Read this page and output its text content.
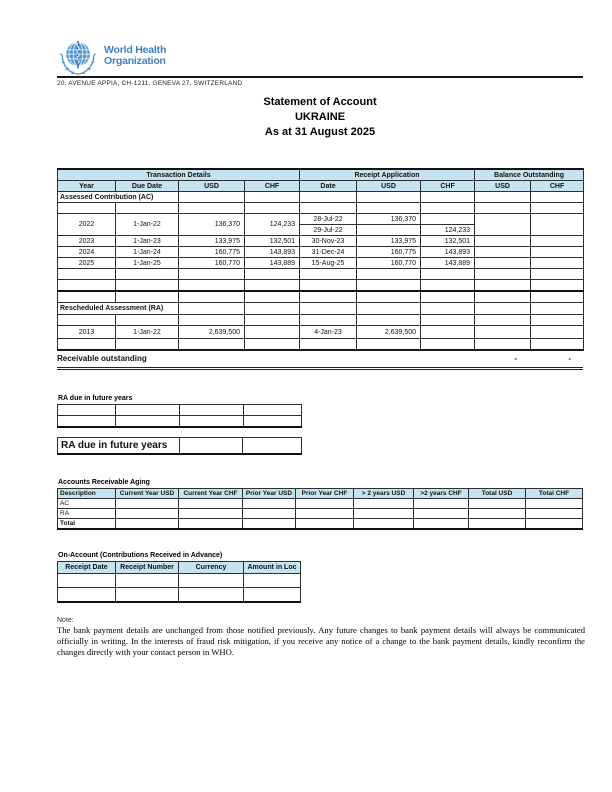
World Health
Organization
20, AVENUE APPIA, CH-1211, GENEVA 27, SWITZERLAND
Statement of Account
UKRAINE
As at 31 August 2025
Transaction Details				Receipt Application			Balance Outstanding	
Year	Due Date	USD	CHF	Date	USD	CHF	USD	CHF
Assessed Contribution (AC)								

2022	1-Jan-22	136,370	124,233	28-Jul-22	136,370			
				29-Jul-22		124,233		
2023	1-Jan-23	133,975	132,501	30-Nov-23	133,975	132,501		
2024	1-Jan-24	160,775	143,893	31-Dec-24	160,775	143,893		
2025	1-Jan-25	160,770	143,889	15-Aug-25	160,770	143,889		

Rescheduled Assessment (RA)								

2013	1-Jan-22	2,639,500		4-Jan-23	2,639,500			

Receivable outstanding	-	-
RA due in future years

RA due in future years		
Accounts Receivable Aging
Description	Current Year USD	Current Year CHF	Prior Year USD	Prior Year CHF	> 2 years USD	>2 years CHF	Total USD	Total CHF
AC								
RA								
Total								
On-Account (Contributions Received in Advance)
Receipt Date	Receipt Number	Currency	Amount in Loc

Note:
The bank payment details are unchanged from those notified previously. Any future changes to bank payment details will always be communicated officially in writing. In the interests of fraud risk mitigation, if you receive any notice of a change to the bank payment details, kindly reconfirm the changes directly with your contact person in WHO.
